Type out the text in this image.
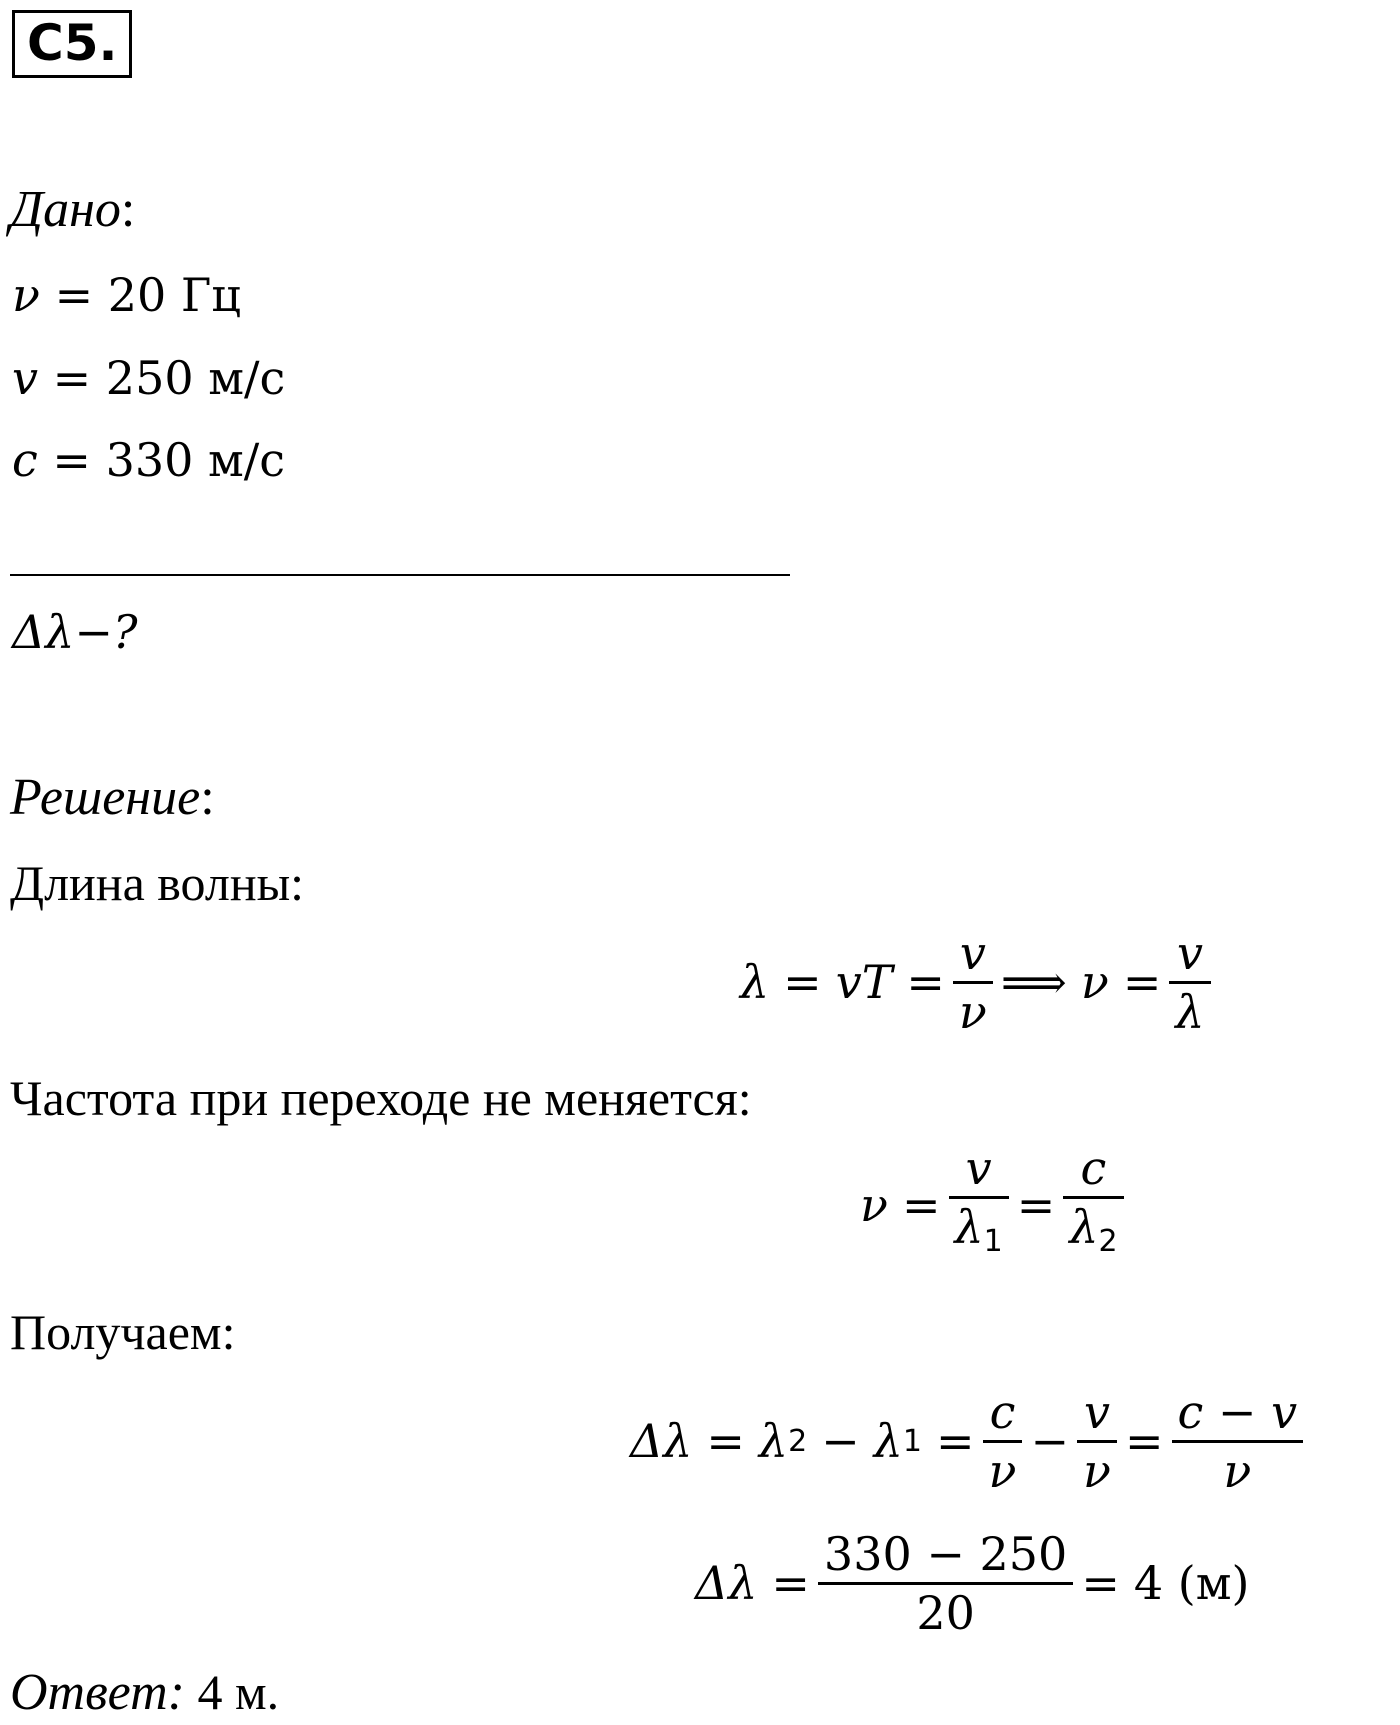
С5.
Дано:
ν = 20 Гц
v = 250 м/с
c = 330 м/с
Δλ−?
Решение:
Длина волны:
λ = vT = $\frac{v}{\nu}$ ⟹ $\nu = \frac{v}{\lambda}$
Частота при переходе не меняется:
$\nu = \frac{v}{\lambda_1} = \frac{c}{\lambda_2}$
Получаем:
Δλ = λ 2 − λ $1 = \frac{c}{\nu} - \frac{v}{\nu} = \frac{c - v}{\nu}$
$\Delta\lambda = \frac{330 - 250}{20} = 4$ (м)
Ответ: 4 м.
